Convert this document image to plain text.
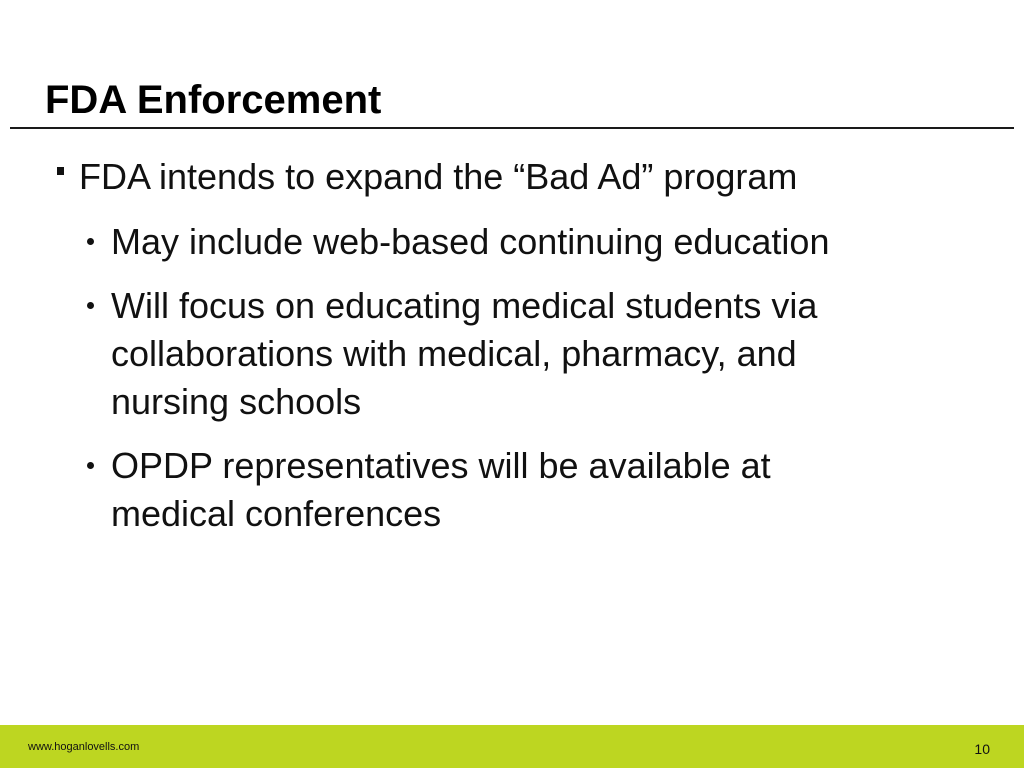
FDA Enforcement
FDA intends to expand the “Bad Ad” program
May include web-based continuing education
Will focus on educating medical students via
collaborations with medical, pharmacy, and
nursing schools
OPDP representatives will be available at
medical conferences
www.hoganlovells.com	10
